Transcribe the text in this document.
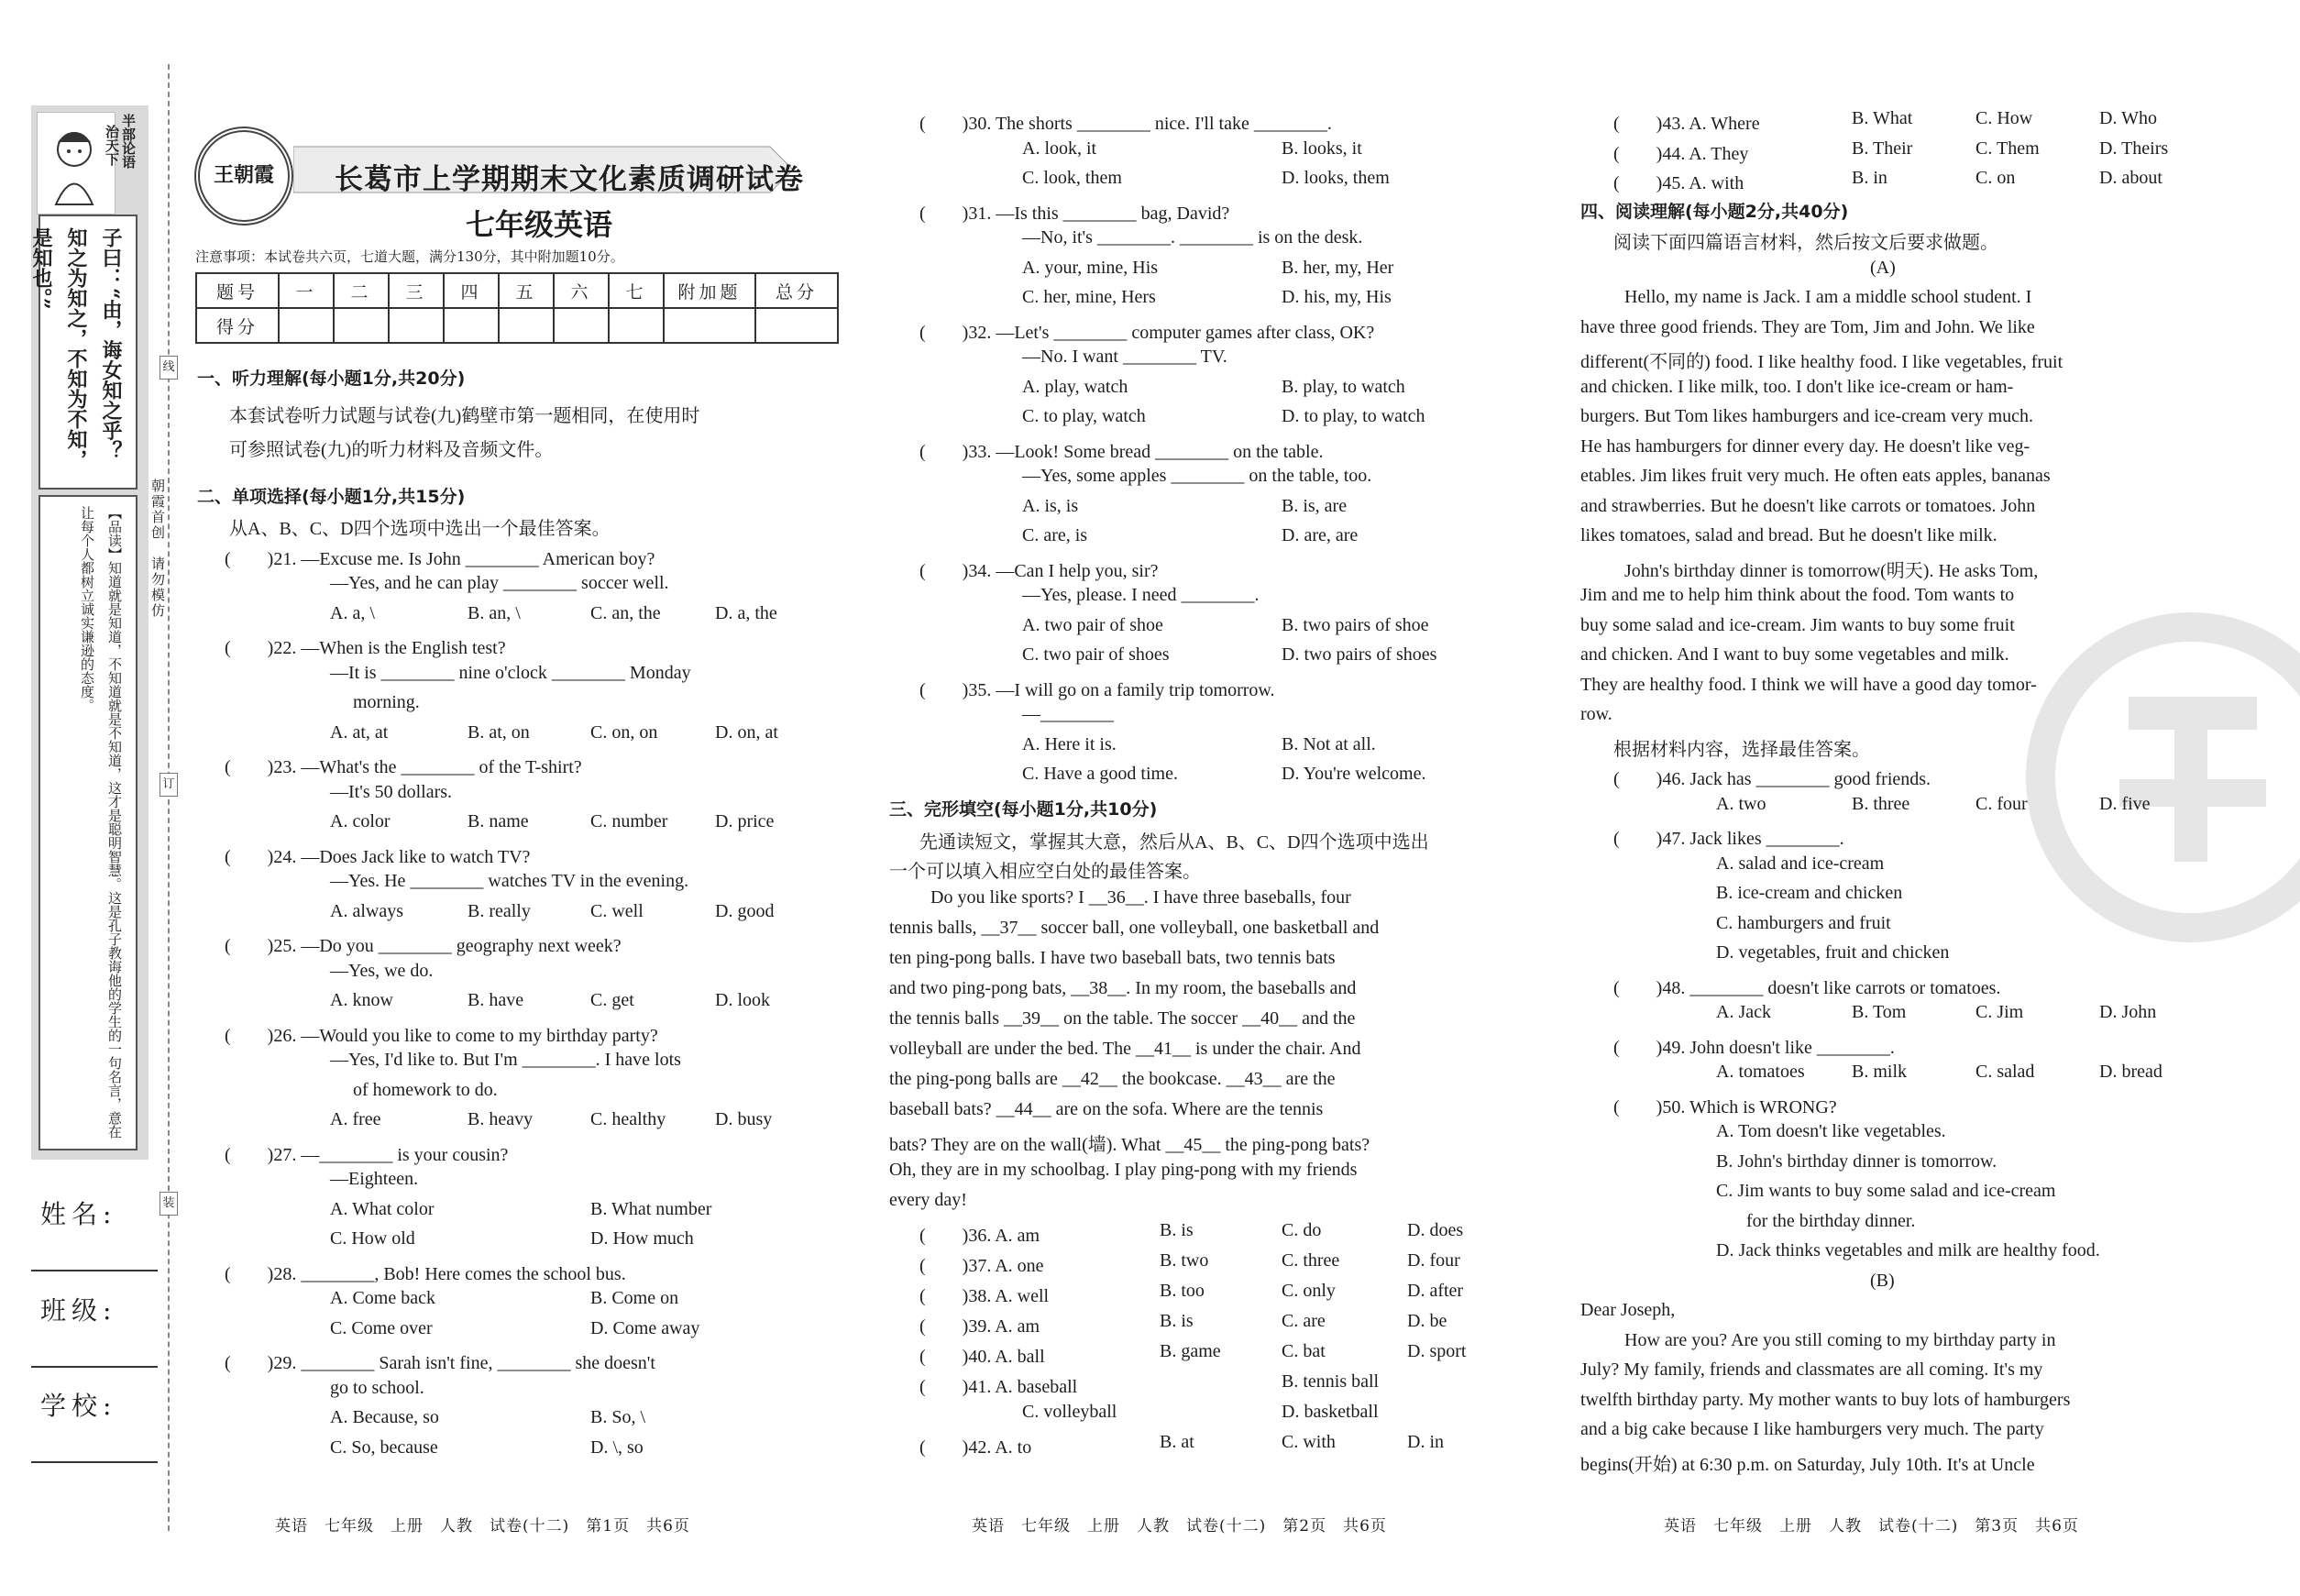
半部论语
治天下
子曰：“由，诲女知之乎？知之为知之，不知为不知，是知也。”
【品读】知道就是知道，不知道就是不知道，这才是聪明智慧。这是孔子教诲他的学生的一句名言，意在让每个人都树立诚实谦逊的态度。
姓名:
班级:
学校:
线
订
装
朝霞首创　请勿模仿
王朝霞	长葛市上学期期末文化素质调研试卷
七年级英语
注意事项：本试卷共六页，七道大题，满分130分，其中附加题10分。
题号	一	二	三	四	五	六	七	附加题	总分
得分									
一、听力理解(每小题1分,共20分)
本套试卷听力试题与试卷(九)鹤壁市第一题相同，在使用时
可参照试卷(九)的听力材料及音频文件。
二、单项选择(每小题1分,共15分)
从A、B、C、D四个选项中选出一个最佳答案。
(　　)21. —Excuse me. Is John ________ American boy?
—Yes, and he can play ________ soccer well.
A. a, \	B. an, \	C. an, the	D. a, the
(　　)22. —When is the English test?
—It is ________ nine o'clock ________ Monday
morning.
A. at, at	B. at, on	C. on, on	D. on, at
(　　)23. —What's the ________ of the T-shirt?
—It's 50 dollars.
A. color	B. name	C. number	D. price
(　　)24. —Does Jack like to watch TV?
—Yes. He ________ watches TV in the evening.
A. always	B. really	C. well	D. good
(　　)25. —Do you ________ geography next week?
—Yes, we do.
A. know	B. have	C. get	D. look
(　　)26. —Would you like to come to my birthday party?
—Yes, I'd like to. But I'm ________. I have lots
of homework to do.
A. free	B. heavy	C. healthy	D. busy
(　　)27. —________ is your cousin?
—Eighteen.
A. What color	B. What number
C. How old	D. How much
(　　)28. ________, Bob! Here comes the school bus.
A. Come back	B. Come on
C. Come over	D. Come away
(　　)29. ________ Sarah isn't fine, ________ she doesn't
go to school.
A. Because, so	B. So, \
C. So, because	D. \, so
(　　)30. The shorts ________ nice. I'll take ________.
A. look, it	B. looks, it
C. look, them	D. looks, them
(　　)31. —Is this ________ bag, David?
—No, it's ________. ________ is on the desk.
A. your, mine, His	B. her, my, Her
C. her, mine, Hers	D. his, my, His
(　　)32. —Let's ________ computer games after class, OK?
—No. I want ________ TV.
A. play, watch	B. play, to watch
C. to play, watch	D. to play, to watch
(　　)33. —Look! Some bread ________ on the table.
—Yes, some apples ________ on the table, too.
A. is, is	B. is, are
C. are, is	D. are, are
(　　)34. —Can I help you, sir?
—Yes, please. I need ________.
A. two pair of shoe	B. two pairs of shoe
C. two pair of shoes	D. two pairs of shoes
(　　)35. —I will go on a family trip tomorrow.
—________
A. Here it is.	B. Not at all.
C. Have a good time.	D. You're welcome.
三、完形填空(每小题1分,共10分)
先通读短文，掌握其大意，然后从A、B、C、D四个选项中选出
一个可以填入相应空白处的最佳答案。
Do you like sports? I __36__. I have three baseballs, four
tennis balls, __37__ soccer ball, one volleyball, one basketball and
ten ping-pong balls. I have two baseball bats, two tennis bats
and two ping-pong bats, __38__. In my room, the baseballs and
the tennis balls __39__ on the table. The soccer __40__ and the
volleyball are under the bed. The __41__ is under the chair. And
the ping-pong balls are __42__ the bookcase. __43__ are the
baseball bats? __44__ are on the sofa. Where are the tennis
bats? They are on the wall(墙). What __45__ the ping-pong bats?
Oh, they are in my schoolbag. I play ping-pong with my friends
every day!
(　　)36. A. am	B. is	C. do	D. does
(　　)37. A. one	B. two	C. three	D. four
(　　)38. A. well	B. too	C. only	D. after
(　　)39. A. am	B. is	C. are	D. be
(　　)40. A. ball	B. game	C. bat	D. sport
(　　)41. A. baseball	B. tennis ball
C. volleyball	D. basketball
(　　)42. A. to	B. at	C. with	D. in
(　　)43. A. Where	B. What	C. How	D. Who
(　　)44. A. They	B. Their	C. Them	D. Theirs
(　　)45. A. with	B. in	C. on	D. about
四、阅读理解(每小题2分,共40分)
阅读下面四篇语言材料，然后按文后要求做题。
(A)
Hello, my name is Jack. I am a middle school student. I
have three good friends. They are Tom, Jim and John. We like
different(不同的) food. I like healthy food. I like vegetables, fruit
and chicken. I like milk, too. I don't like ice-cream or ham-
burgers. But Tom likes hamburgers and ice-cream very much.
He has hamburgers for dinner every day. He doesn't like veg-
etables. Jim likes fruit very much. He often eats apples, bananas
and strawberries. But he doesn't like carrots or tomatoes. John
likes tomatoes, salad and bread. But he doesn't like milk.
John's birthday dinner is tomorrow(明天). He asks Tom,
Jim and me to help him think about the food. Tom wants to
buy some salad and ice-cream. Jim wants to buy some fruit
and chicken. And I want to buy some vegetables and milk.
They are healthy food. I think we will have a good day tomor-
row.
根据材料内容，选择最佳答案。
(　　)46. Jack has ________ good friends.
A. two	B. three	C. four	D. five
(　　)47. Jack likes ________.
A. salad and ice-cream
B. ice-cream and chicken
C. hamburgers and fruit
D. vegetables, fruit and chicken
(　　)48. ________ doesn't like carrots or tomatoes.
A. Jack	B. Tom	C. Jim	D. John
(　　)49. John doesn't like ________.
A. tomatoes	B. milk	C. salad	D. bread
(　　)50. Which is WRONG?
A. Tom doesn't like vegetables.
B. John's birthday dinner is tomorrow.
C. Jim wants to buy some salad and ice-cream
for the birthday dinner.
D. Jack thinks vegetables and milk are healthy food.
(B)
Dear Joseph,
How are you? Are you still coming to my birthday party in
July? My family, friends and classmates are all coming. It's my
twelfth birthday party. My mother wants to buy lots of hamburgers
and a big cake because I like hamburgers very much. The party
begins(开始) at 6:30 p.m. on Saturday, July 10th. It's at Uncle
英语　七年级　上册　人教　试卷(十二)　第1页　共6页	英语　七年级　上册　人教　试卷(十二)　第2页　共6页	英语　七年级　上册　人教　试卷(十二)　第3页　共6页
